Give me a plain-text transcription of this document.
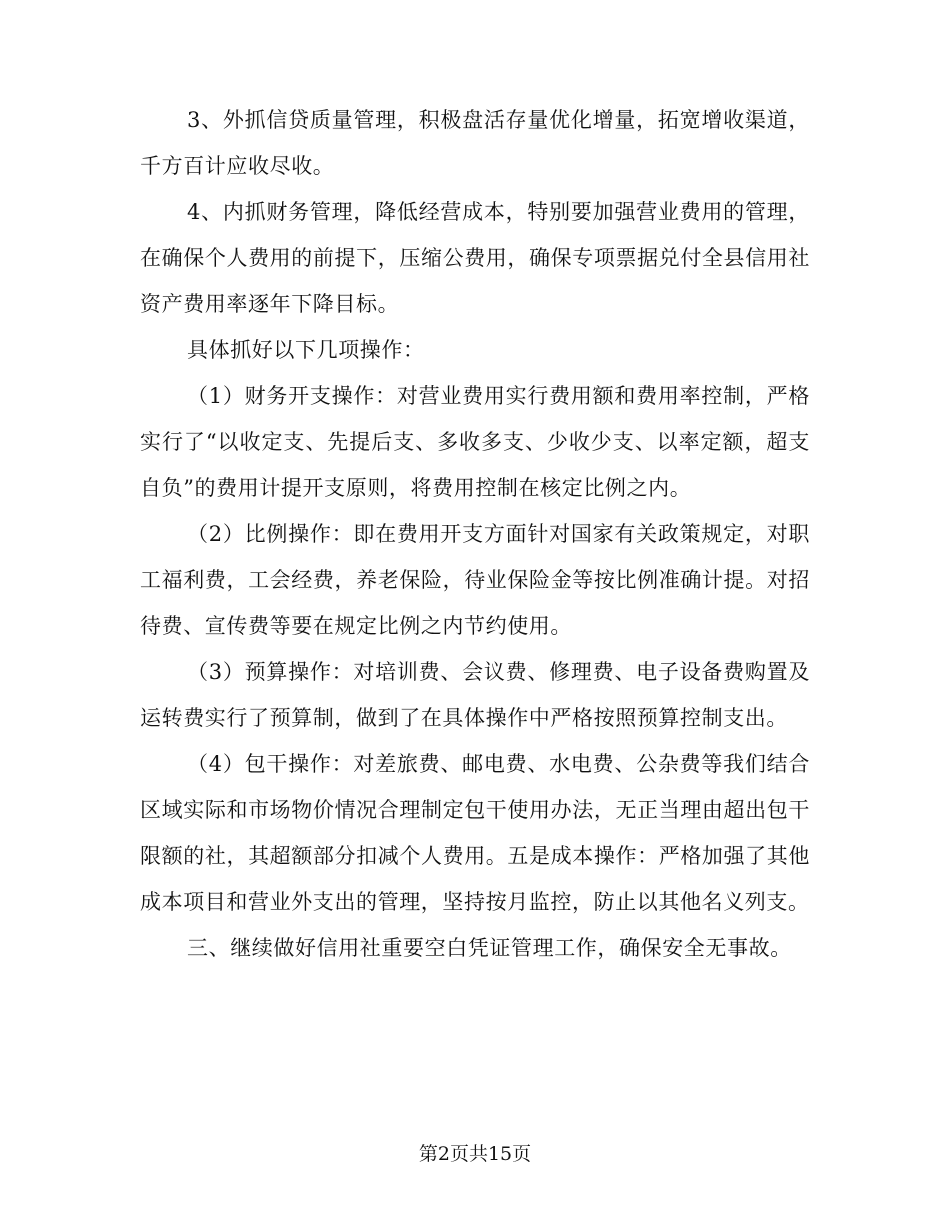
3、外抓信贷质量管理，积极盘活存量优化增量，拓宽增收渠道，千方百计应收尽收。

4、内抓财务管理，降低经营成本，特别要加强营业费用的管理，在确保个人费用的前提下，压缩公费用，确保专项票据兑付全县信用社资产费用率逐年下降目标。

具体抓好以下几项操作：

（1）财务开支操作：对营业费用实行费用额和费用率控制，严格实行了“以收定支、先提后支、多收多支、少收少支、以率定额，超支自负”的费用计提开支原则，将费用控制在核定比例之内。

（2）比例操作：即在费用开支方面针对国家有关政策规定，对职工福利费，工会经费，养老保险，待业保险金等按比例准确计提。对招待费、宣传费等要在规定比例之内节约使用。

（3）预算操作：对培训费、会议费、修理费、电子设备费购置及运转费实行了预算制，做到了在具体操作中严格按照预算控制支出。

（4）包干操作：对差旅费、邮电费、水电费、公杂费等我们结合区域实际和市场物价情况合理制定包干使用办法，无正当理由超出包干限额的社，其超额部分扣减个人费用。五是成本操作：严格加强了其他成本项目和营业外支出的管理，坚持按月监控，防止以其他名义列支。

三、继续做好信用社重要空白凭证管理工作，确保安全无事故。

第2页共15页
